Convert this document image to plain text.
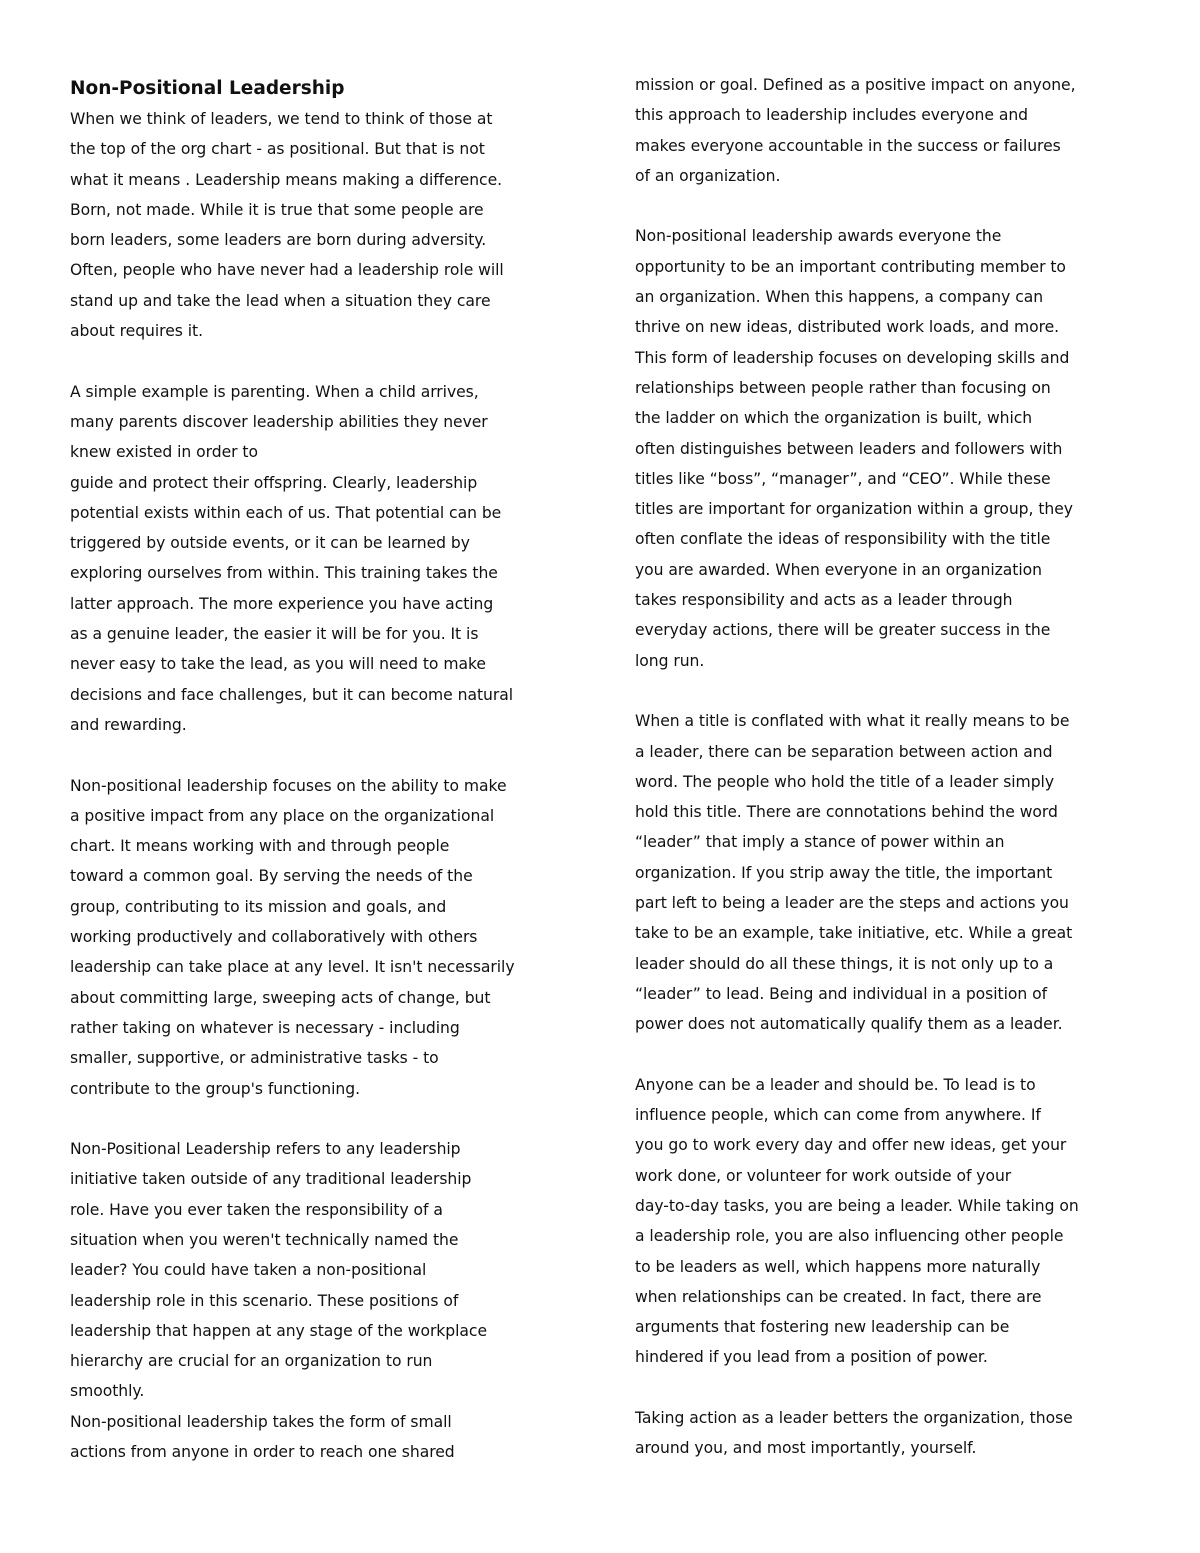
Non-Positional Leadership
When we think of leaders, we tend to think of those at
the top of the org chart - as positional. But that is not
what it means . Leadership means making a difference.
Born, not made. While it is true that some people are
born leaders, some leaders are born during adversity.
Often, people who have never had a leadership role will
stand up and take the lead when a situation they care
about requires it.
A simple example is parenting. When a child arrives,
many parents discover leadership abilities they never
knew existed in order to
guide and protect their offspring. Clearly, leadership
potential exists within each of us. That potential can be
triggered by outside events, or it can be learned by
exploring ourselves from within. This training takes the
latter approach. The more experience you have acting
as a genuine leader, the easier it will be for you. It is
never easy to take the lead, as you will need to make
decisions and face challenges, but it can become natural
and rewarding.
Non-positional leadership focuses on the ability to make
a positive impact from any place on the organizational
chart. It means working with and through people
toward a common goal. By serving the needs of the
group, contributing to its mission and goals, and
working productively and collaboratively with others
leadership can take place at any level. It isn't necessarily
about committing large, sweeping acts of change, but
rather taking on whatever is necessary - including
smaller, supportive, or administrative tasks - to
contribute to the group's functioning.
Non-Positional Leadership refers to any leadership
initiative taken outside of any traditional leadership
role. Have you ever taken the responsibility of a
situation when you weren't technically named the
leader? You could have taken a non-positional
leadership role in this scenario. These positions of
leadership that happen at any stage of the workplace
hierarchy are crucial for an organization to run
smoothly.
Non-positional leadership takes the form of small
actions from anyone in order to reach one shared
mission or goal. Defined as a positive impact on anyone,
this approach to leadership includes everyone and
makes everyone accountable in the success or failures
of an organization.
Non-positional leadership awards everyone the
opportunity to be an important contributing member to
an organization. When this happens, a company can
thrive on new ideas, distributed work loads, and more.
This form of leadership focuses on developing skills and
relationships between people rather than focusing on
the ladder on which the organization is built, which
often distinguishes between leaders and followers with
titles like “boss”, “manager”, and “CEO”. While these
titles are important for organization within a group, they
often conflate the ideas of responsibility with the title
you are awarded. When everyone in an organization
takes responsibility and acts as a leader through
everyday actions, there will be greater success in the
long run.
When a title is conflated with what it really means to be
a leader, there can be separation between action and
word. The people who hold the title of a leader simply
hold this title. There are connotations behind the word
“leader” that imply a stance of power within an
organization. If you strip away the title, the important
part left to being a leader are the steps and actions you
take to be an example, take initiative, etc. While a great
leader should do all these things, it is not only up to a
“leader” to lead. Being and individual in a position of
power does not automatically qualify them as a leader.
Anyone can be a leader and should be. To lead is to
influence people, which can come from anywhere. If
you go to work every day and offer new ideas, get your
work done, or volunteer for work outside of your
day-to-day tasks, you are being a leader. While taking on
a leadership role, you are also influencing other people
to be leaders as well, which happens more naturally
when relationships can be created. In fact, there are
arguments that fostering new leadership can be
hindered if you lead from a position of power.
Taking action as a leader betters the organization, those
around you, and most importantly, yourself.
